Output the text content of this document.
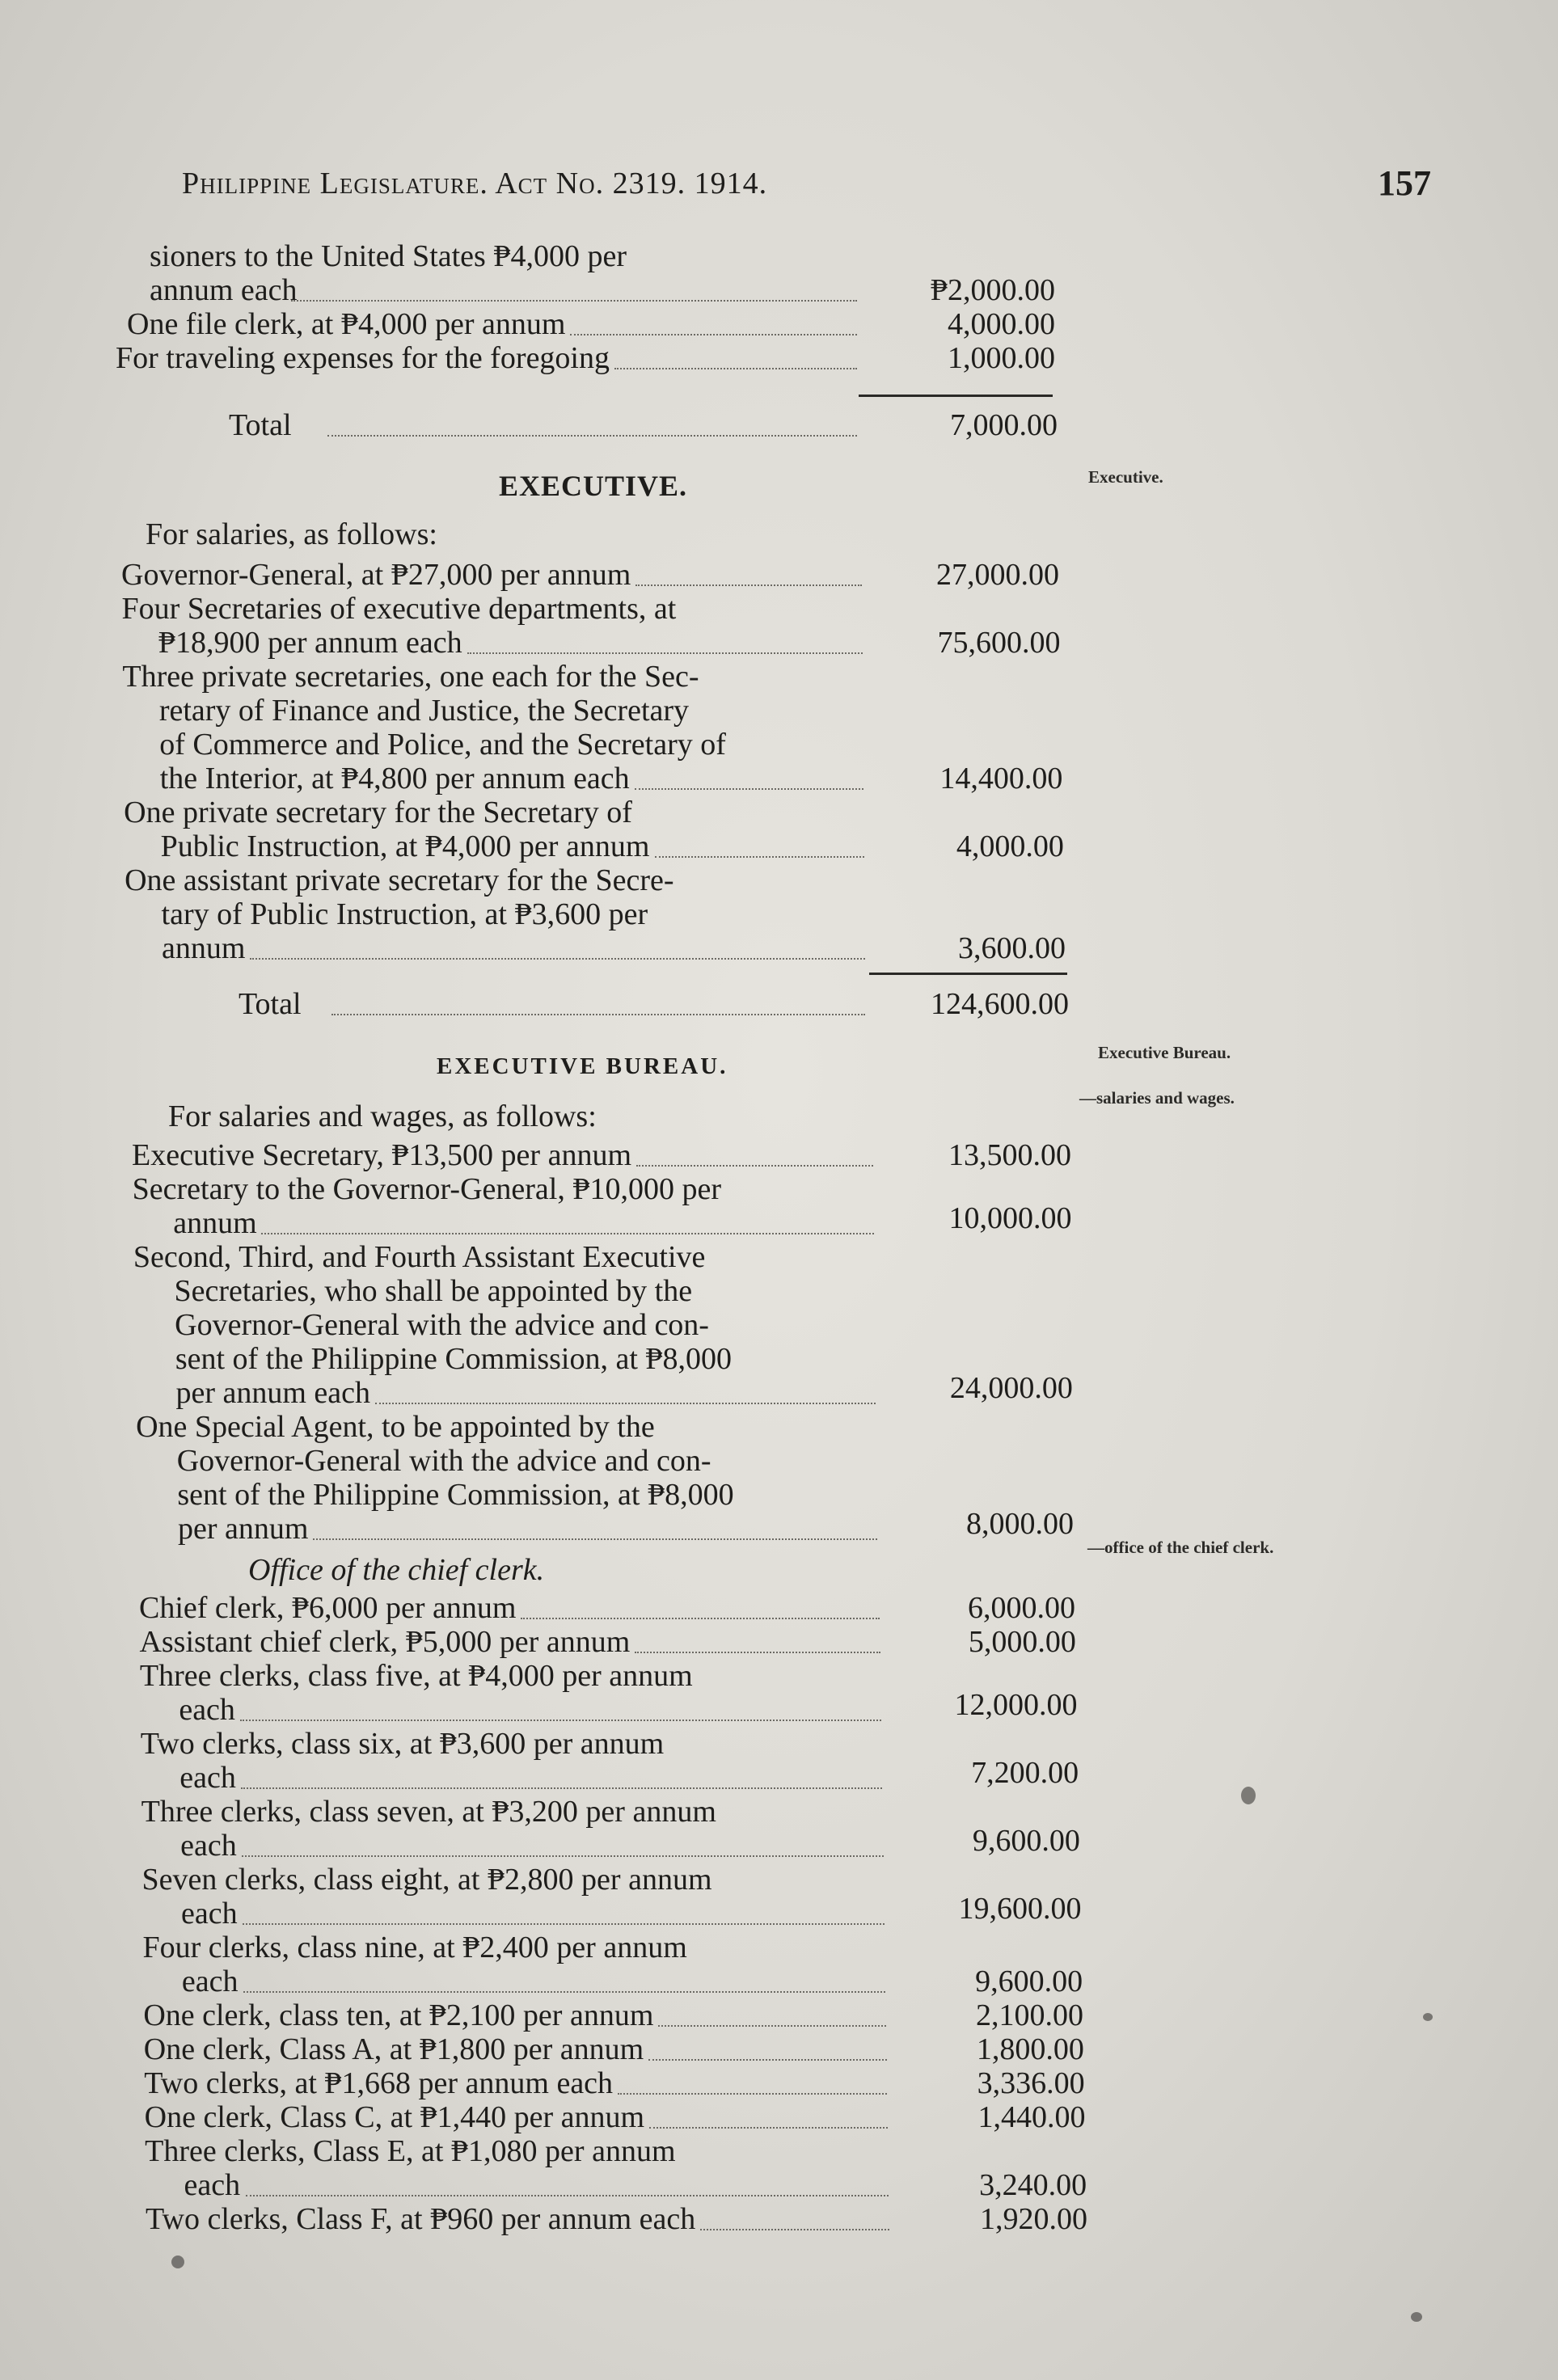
Philippine Legislature. Act No. 2319. 1914.	157
sioners to the United States ₱4,000 per
annum each	₱2,000.00
One file clerk, at ₱4,000 per annum	4,000.00
For traveling expenses for the foregoing	1,000.00
Total	7,000.00
EXECUTIVE.	Executive.
For salaries, as follows:
Governor-General, at ₱27,000 per annum	27,000.00
Four Secretaries of executive departments, at
₱18,900 per annum each	75,600.00
Three private secretaries, one each for the Sec-
retary of Finance and Justice, the Secretary
of Commerce and Police, and the Secretary of
the Interior, at ₱4,800 per annum each	14,400.00
One private secretary for the Secretary of
Public Instruction, at ₱4,000 per annum	4,000.00
One assistant private secretary for the Secre-
tary of Public Instruction, at ₱3,600 per
annum	3,600.00
Total	124,600.00
EXECUTIVE BUREAU.
Executive Bureau.
—salaries and wages.
For salaries and wages, as follows:
Executive Secretary, ₱13,500 per annum	13,500.00
Secretary to the Governor-General, ₱10,000 per
annum	10,000.00
Second, Third, and Fourth Assistant Executive
Secretaries, who shall be appointed by the
Governor-General with the advice and con-
sent of the Philippine Commission, at ₱8,000
per annum each	24,000.00
One Special Agent, to be appointed by the
Governor-General with the advice and con-
sent of the Philippine Commission, at ₱8,000
per annum	8,000.00
Office of the chief clerk.
—office of the chief clerk.
Chief clerk, ₱6,000 per annum	6,000.00
Assistant chief clerk, ₱5,000 per annum	5,000.00
Three clerks, class five, at ₱4,000 per annum
each	12,000.00
Two clerks, class six, at ₱3,600 per annum
each	7,200.00
Three clerks, class seven, at ₱3,200 per annum
each	9,600.00
Seven clerks, class eight, at ₱2,800 per annum
each	19,600.00
Four clerks, class nine, at ₱2,400 per annum
each	9,600.00
One clerk, class ten, at ₱2,100 per annum	2,100.00
One clerk, Class A, at ₱1,800 per annum	1,800.00
Two clerks, at ₱1,668 per annum each	3,336.00
One clerk, Class C, at ₱1,440 per annum	1,440.00
Three clerks, Class E, at ₱1,080 per annum
each	3,240.00
Two clerks, Class F, at ₱960 per annum each	1,920.00
